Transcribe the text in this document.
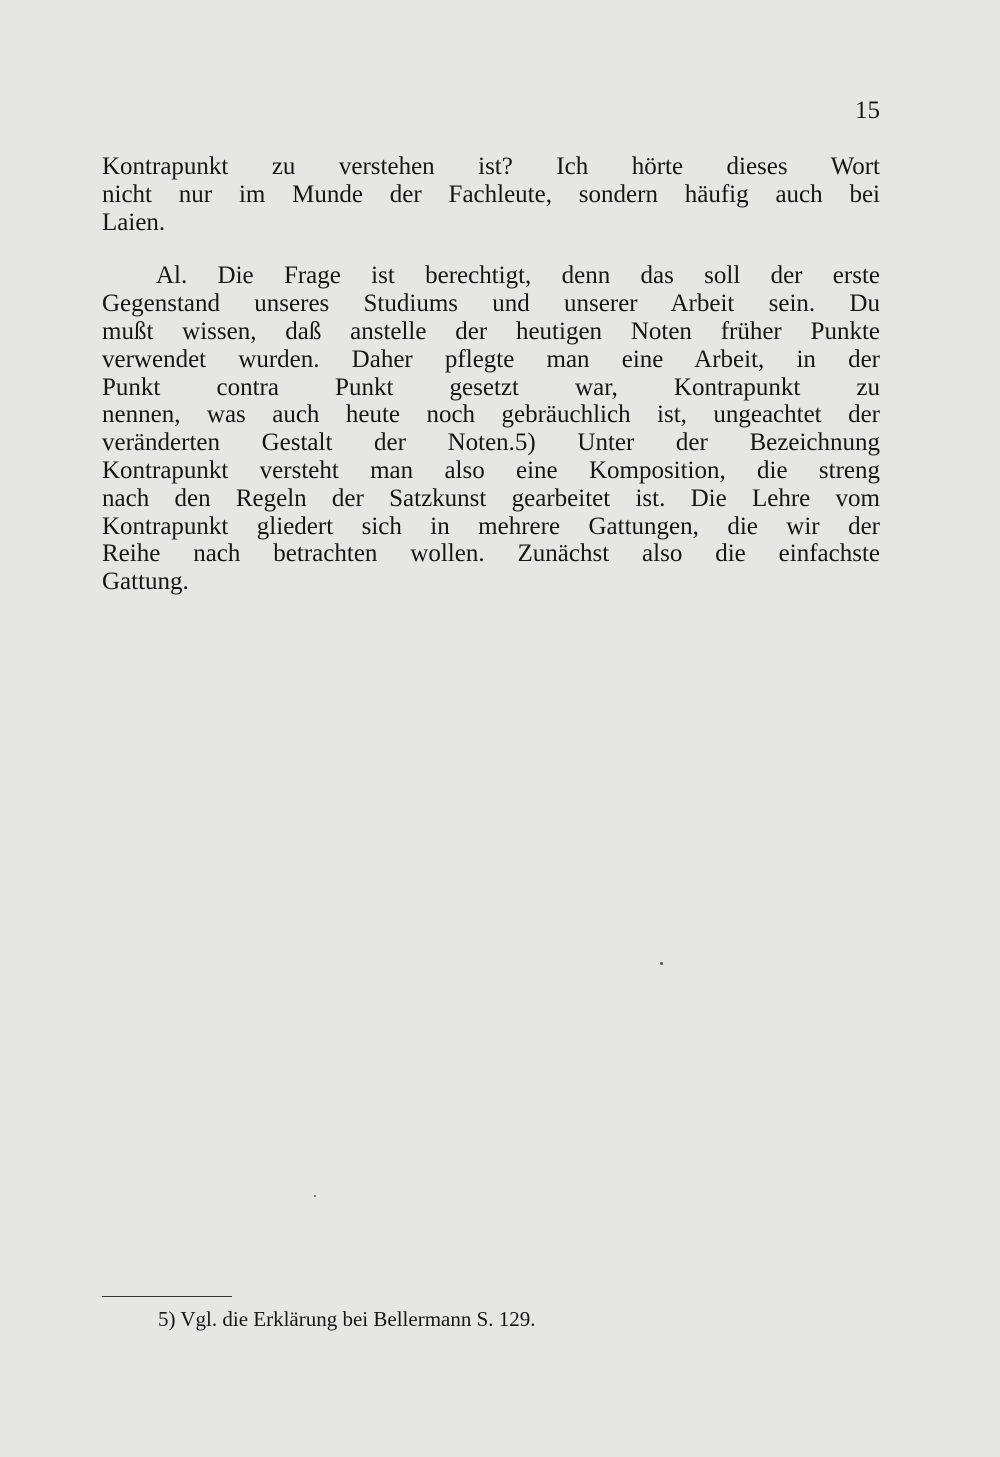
15
Kontrapunkt zu verstehen ist? Ich hörte dieses Wort
nicht nur im Munde der Fachleute, sondern häufig auch bei
Laien.
Al. Die Frage ist berechtigt, denn das soll der erste
Gegenstand unseres Studiums und unserer Arbeit sein. Du
mußt wissen, daß anstelle der heutigen Noten früher Punkte
verwendet wurden. Daher pflegte man eine Arbeit, in der
Punkt contra Punkt gesetzt war, Kontrapunkt zu
nennen, was auch heute noch gebräuchlich ist, ungeachtet der
veränderten Gestalt der Noten.5) Unter der Bezeichnung
Kontrapunkt versteht man also eine Komposition, die streng
nach den Regeln der Satzkunst gearbeitet ist. Die Lehre vom
Kontrapunkt gliedert sich in mehrere Gattungen, die wir der
Reihe nach betrachten wollen. Zunächst also die einfachste
Gattung.
5) Vgl. die Erklärung bei Bellermann S. 129.
